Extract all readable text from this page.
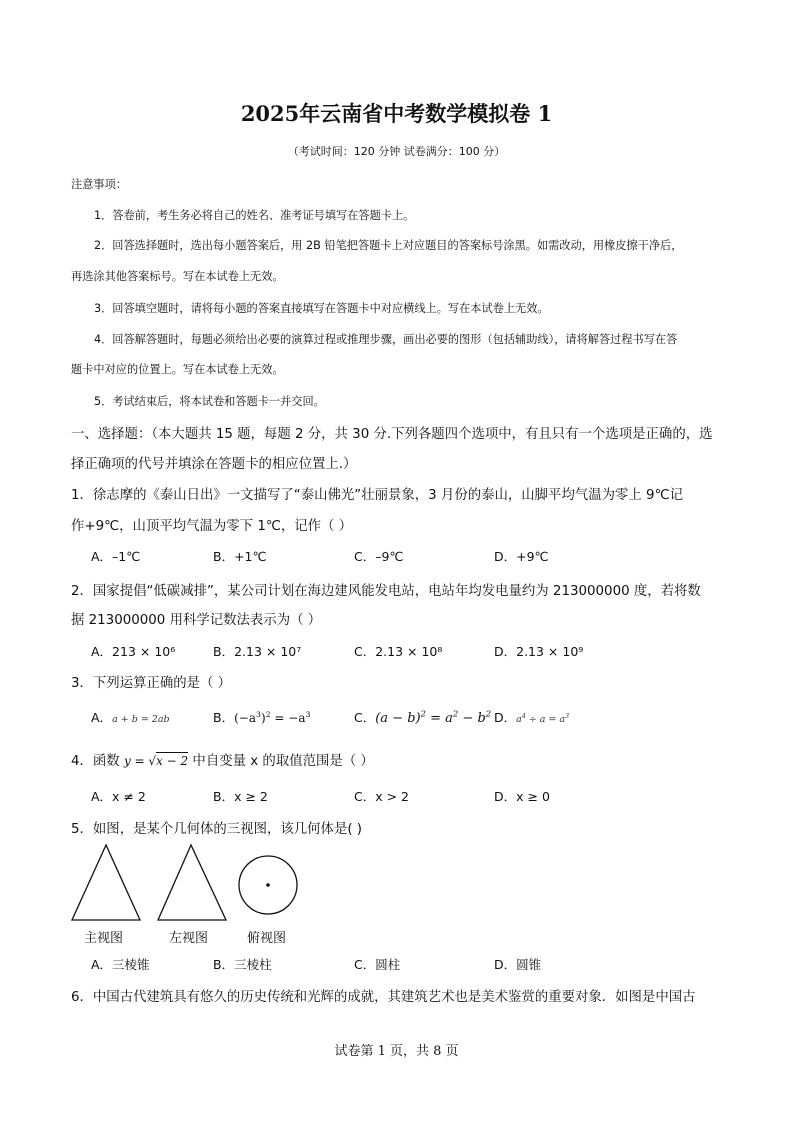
2025年云南省中考数学模拟卷 1
（考试时间：120 分钟 试卷满分：100 分）
注意事项：
1．答卷前，考生务必将自己的姓名、准考证号填写在答题卡上。
2．回答选择题时，选出每小题答案后，用 2B 铅笔把答题卡上对应题目的答案标号涂黑。如需改动，用橡皮擦干净后，
再选涂其他答案标号。写在本试卷上无效。
3．回答填空题时，请将每小题的答案直接填写在答题卡中对应横线上。写在本试卷上无效。
4．回答解答题时，每题必须给出必要的演算过程或推理步骤，画出必要的图形（包括辅助线），请将解答过程书写在答
题卡中对应的位置上。写在本试卷上无效。
5．考试结束后，将本试卷和答题卡一并交回。
一、选择题：（本大题共 15 题，每题 2 分，共 30 分.下列各题四个选项中，有且只有一个选项是正确的，选
择正确项的代号并填涂在答题卡的相应位置上.）
1．徐志摩的《泰山日出》一文描写了“泰山佛光”壮丽景象，3 月份的泰山，山脚平均气温为零上 9℃记
作+9℃，山顶平均气温为零下 1℃，记作（ ）
A．–1℃	B．+1℃	C．–9℃	D．+9℃
2．国家提倡“低碳减排”，某公司计划在海边建风能发电站，电站年均发电量约为 213000000 度，若将数
据 213000000 用科学记数法表示为（ ）
A．213 × 10⁶	B．2.13 × 10⁷	C．2.13 × 10⁸	D．2.13 × 10⁹
3．下列运算正确的是（ ）
A．a + b = 2ab	B．$(-a^3)^2 = -a^3$	C．$(a - b)^2 = a^2 - b^2$ D．$a^4 \div a = a^3$
4．函数 y = √x − 2 中自变量 x 的取值范围是（ ）
A．x ≠ 2	B．x ≥ 2	C．x > 2	D．x ≥ 0
5．如图，是某个几何体的三视图，该几何体是( )
主视图	左视图	俯视图
A．三棱锥	B．三棱柱	C．圆柱	D．圆锥
6．中国古代建筑具有悠久的历史传统和光辉的成就，其建筑艺术也是美术鉴赏的重要对象．如图是中国古
试卷第 1 页，共 8 页
